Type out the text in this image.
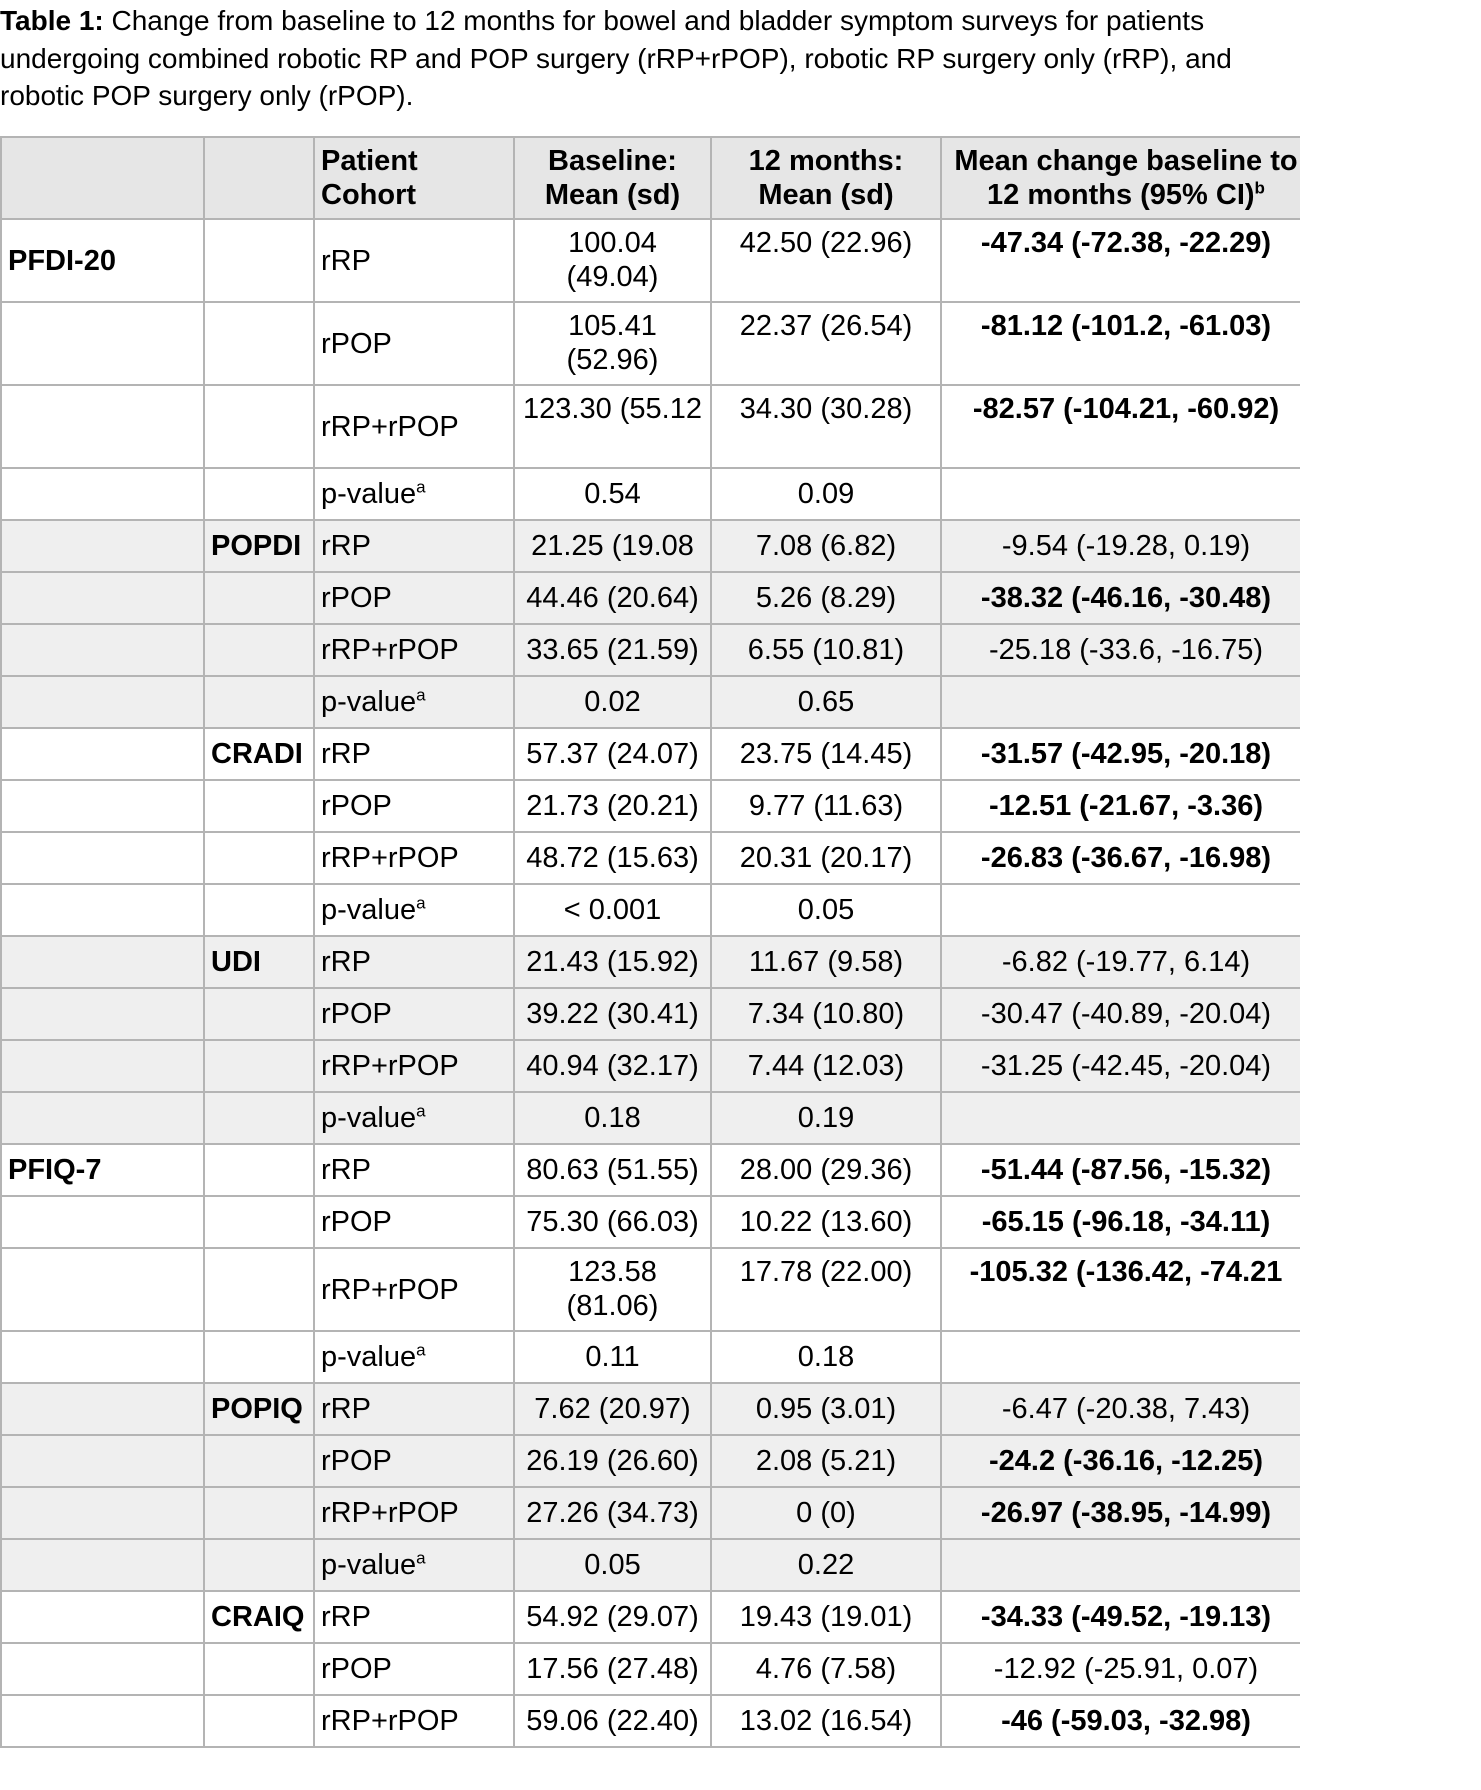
Table 1: Change from baseline to 12 months for bowel and bladder symptom surveys for patients undergoing combined robotic RP and POP surgery (rRP+rPOP), robotic RP surgery only (rRP), and robotic POP surgery only (rPOP).
		Patient Cohort	Baseline: Mean (sd)	12 months: Mean (sd)	Mean change baseline to 12 months (95% CI)$^b$
PFDI-20		rRP	100.04 (49.04)	42.50 (22.96)	-47.34 (-72.38, -22.29)
		rPOP	105.41 (52.96)	22.37 (26.54)	-81.12 (-101.2, -61.03)
		rRP+rPOP	123.30 (55.12	34.30 (30.28)	-82.57 (-104.21, -60.92)
		p-value$^a$	0.54	0.09	
	POPDI	rRP	21.25 (19.08	7.08 (6.82)	-9.54 (-19.28, 0.19)
		rPOP	44.46 (20.64)	5.26 (8.29)	-38.32 (-46.16, -30.48)
		rRP+rPOP	33.65 (21.59)	6.55 (10.81)	-25.18 (-33.6, -16.75)
		p-value$^a$	0.02	0.65	
	CRADI	rRP	57.37 (24.07)	23.75 (14.45)	-31.57 (-42.95, -20.18)
		rPOP	21.73 (20.21)	9.77 (11.63)	-12.51 (-21.67, -3.36)
		rRP+rPOP	48.72 (15.63)	20.31 (20.17)	-26.83 (-36.67, -16.98)
		p-value$^a$	< 0.001	0.05	
	UDI	rRP	21.43 (15.92)	11.67 (9.58)	-6.82 (-19.77, 6.14)
		rPOP	39.22 (30.41)	7.34 (10.80)	-30.47 (-40.89, -20.04)
		rRP+rPOP	40.94 (32.17)	7.44 (12.03)	-31.25 (-42.45, -20.04)
		p-value$^a$	0.18	0.19	
PFIQ-7		rRP	80.63 (51.55)	28.00 (29.36)	-51.44 (-87.56, -15.32)
		rPOP	75.30 (66.03)	10.22 (13.60)	-65.15 (-96.18, -34.11)
		rRP+rPOP	123.58 (81.06)	17.78 (22.00)	-105.32 (-136.42, -74.21
		p-value$^a$	0.11	0.18	
	POPIQ	rRP	7.62 (20.97)	0.95 (3.01)	-6.47 (-20.38, 7.43)
		rPOP	26.19 (26.60)	2.08 (5.21)	-24.2 (-36.16, -12.25)
		rRP+rPOP	27.26 (34.73)	0 (0)	-26.97 (-38.95, -14.99)
		p-value$^a$	0.05	0.22	
	CRAIQ	rRP	54.92 (29.07)	19.43 (19.01)	-34.33 (-49.52, -19.13)
		rPOP	17.56 (27.48)	4.76 (7.58)	-12.92 (-25.91, 0.07)
		rRP+rPOP	59.06 (22.40)	13.02 (16.54)	-46 (-59.03, -32.98)
